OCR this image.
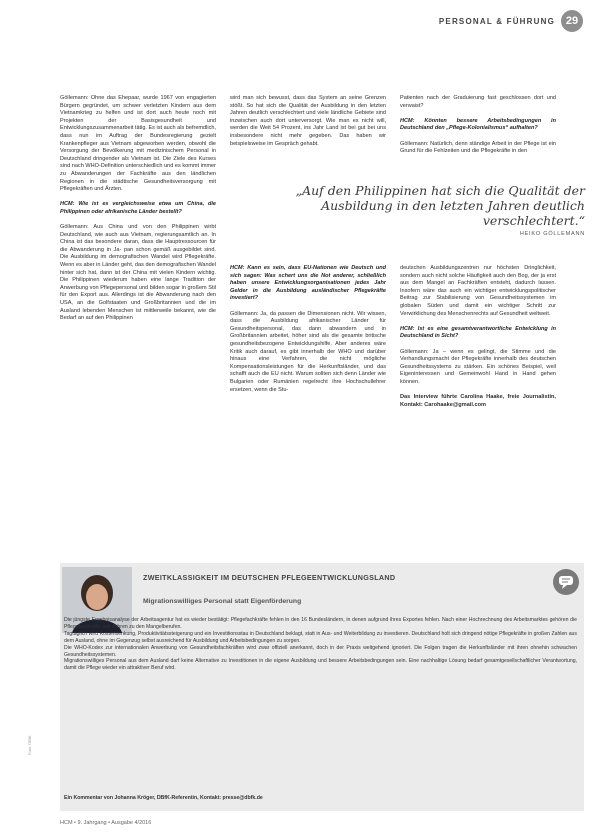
PERSONAL & FÜHRUNG 29

Göllemann: Ohne das Ehepaar, wurde 1967 von engagierten Bürgern gegründet, um schwer verletzten Kindern aus dem Vietnamkrieg zu helfen und ist dort auch heute noch mit Projekten der Basisgesundheit und Entwicklungszusammenarbeit tätig. Es ist auch als befremdlich, dass nun im Auftrag der Bundesregierung gezielt Krankenpfleger aus Vietnam abgeworben werden, obwohl die Versorgung der Bevölkerung mit medizinischem Personal in Deutschland dringender als Vietnam ist. Die Ziele des Kurses sind nach WHO-Definition unterschiedlich und es kommt immer zu Abwanderungen der Fachkräfte aus den ländlichen Regionen in die städtische Gesundheitsversorgung mit Pflegekräften und Ärzten.

HCM: Wie ist es vergleichsweise etwa um China, die Philippinen oder afrikanische Länder bestellt?

Göllemann: Aus China und von den Philippinen wirbt Deutschland, wie auch aus Vietnam, regierungsamtlich an. In China ist das besondere daran, dass die Hauptressourcen für die Abwanderung in Ja- pan schon gemäß ausgebildet sind. Die Ausbildung im demografischen Wandel wird Pflegekräfte. Wenn es aber in Länder geht, das den demografischen Wandel hinter sich hat, dann ist der China mit vielen Kindern wichtig. Die Philippinen wiederum haben eine lange Tradition der Anwerbung von Pflegepersonal und bilden sogar in großem Stil für den Export aus. Allerdings ist die Abwanderung nach den USA, an die Golfstaaten und Großbritannien und die im Ausland lebenden Menschen ist mittlerweile bekannt, wie die Bedarf an auf den Philippinen

wird man sich bewusst, dass das System an seine Grenzen stößt. So hat sich die Qualität der Ausbildung in den letzten Jahren deutlich verschlechtert und viele ländliche Gebiete sind inzwischen auch dort unterversorgt. Wie man es nicht will, werden die Weit 54 Prozent, ins Jahr Land ist bei gut bei uns insbesondere nicht mehr gegeben. Das haben wir beispielsweise im Gespräch gehabt.

Patienten nach der Graduierung fast geschlossen dort und verwaist?

HCM: Könnten bessere Arbeitsbedingungen in Deutschland den „Pflege-Kolonialismus“ aufhalten?

Göllemann: Natürlich, denn ständige Arbeit in der Pflege ist ein Grund für die Fehlzeiten und die Pflegekräfte in den

„Auf den Philippinen hat sich die Qualität der Ausbildung in den letzten Jahren deutlich verschlechtert.“

HEIKO GÖLLEMANN

HCM: Kann es sein, dass EU-Nationen wie Deutsch und sich sagen: Was schert uns die Not anderer, schließlich haben unsere Entwicklungsorganisationen jedes Jahr Gelder in die Ausbildung ausländischer Pflegekräfte investiert?

Göllemann: Ja, da passen die Dimensionen nicht. Wir wissen, dass die Ausbildung afrikanischer Länder für Gesundheitspersonal, das dann abwandern und in Großbritannien arbeitet, höher sind als die gesamte britische gesundheitsbezogene Entwicklungshilfe. Aber anderes wäre Kritik auch darauf, es gibt innerhalb der WHO und darüber hinaus eine Verfahren, die nicht mögliche Kompensationsleistungen für die Herkunftsländer, und das schafft auch die EU nicht. Warum sollten sich denn Länder wie Bulgarien oder Rumänien regelrecht ihre Hochschullehrer ersetzen, wenn die Stu-

deutschen Ausbildungszentren nur höchsten Dringlichkeit, sondern auch nicht solche Häufigkeit auch den Bog, der ja erst aus dem Mangel an Fachkräften entsteht, dadurch lassen. Insofern wäre das auch ein wichtiger entwicklungspolitischer Beitrag zur Stabilisierung von Gesundheitssystemen im globalen Süden und damit ein wichtiger Schritt zur Verwirklichung des Menschenrechts auf Gesundheit weltweit.

HCM: Ist es eine gesamtverantwortliche Entwicklung in Deutschland in Sicht?

Göllemann: Ja – wenn es gelingt, die Stimme und die Verhandlungsmacht der Pflegekräfte innerhalb des deutschen Gesundheitssystems zu stärken. Ein schönes Beispiel, weil Eigeninteressen und Gemeinwohl Hand in Hand gehen können.

Das Interview führte Carolina Haake, freie Journalistin, Kontakt: Carohaake@gmail.com

ZWEITKLASSIGKEIT IM DEUTSCHEN PFLEGEENTWICKLUNGSLAND
Migrationswilliges Personal statt Eigenförderung

Die jüngste Ergebnisanalyse der Arbeitsagentur hat es wieder bestätigt: Pflegefachkräfte fehlen in den 16 Bundesländern, in denen aufgrund ihres Exportes fehlen. Nach einer Hochrechnung des Arbeitsmarktes gehören die Pflegefachkräfte seit Jahren zu den Mangelberufen.

Tagtäglich wird Kostensenkung, Produktivitätssteigerung und ein Investitionsstau in Deutschland beklagt, statt in Aus- und Weiterbildung zu investieren. Deutschland holt sich dringend nötige Pflegekräfte in großen Zahlen aus dem Ausland, ohne im Gegenzug selbst ausreichend für Ausbildung und Arbeitsbedingungen zu sorgen.

Die WHO-Kodex zur internationalen Anwerbung von Gesundheitsfachkräften wird zwar offiziell anerkannt, doch in der Praxis weitgehend ignoriert. Die Folgen tragen die Herkunftsländer mit ihren ohnehin schwachen Gesundheitssystemen.

Migrationswilliges Personal aus dem Ausland darf keine Alternative zu Investitionen in die eigene Ausbildung und bessere Arbeitsbedingungen sein. Eine nachhaltige Lösung bedarf gesamtgesellschaftlicher Verantwortung, damit die Pflege wieder ein attraktiver Beruf wird.

Ein Kommentar von Johanna Kröger, DBfK-Referentin, Kontakt: presse@dbfk.de
Foto: DBfK
HCM • 9. Jahrgang • Ausgabe 4/2016
